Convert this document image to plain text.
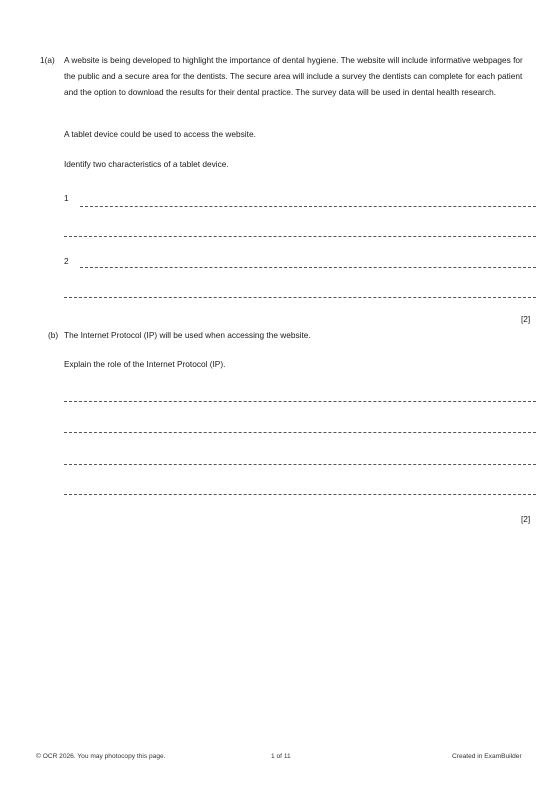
1(a) A website is being developed to highlight the importance of dental hygiene. The website will include informative webpages for the public and a secure area for the dentists. The secure area will include a survey the dentists can complete for each patient and the option to download the results for their dental practice. The survey data will be used in dental health research.
A tablet device could be used to access the website.
Identify two characteristics of a tablet device.
1
2
[2]
(b) The Internet Protocol (IP) will be used when accessing the website.
Explain the role of the Internet Protocol (IP).
[2]
© OCR 2026. You may photocopy this page.	1 of 11	Created in ExamBuilder
